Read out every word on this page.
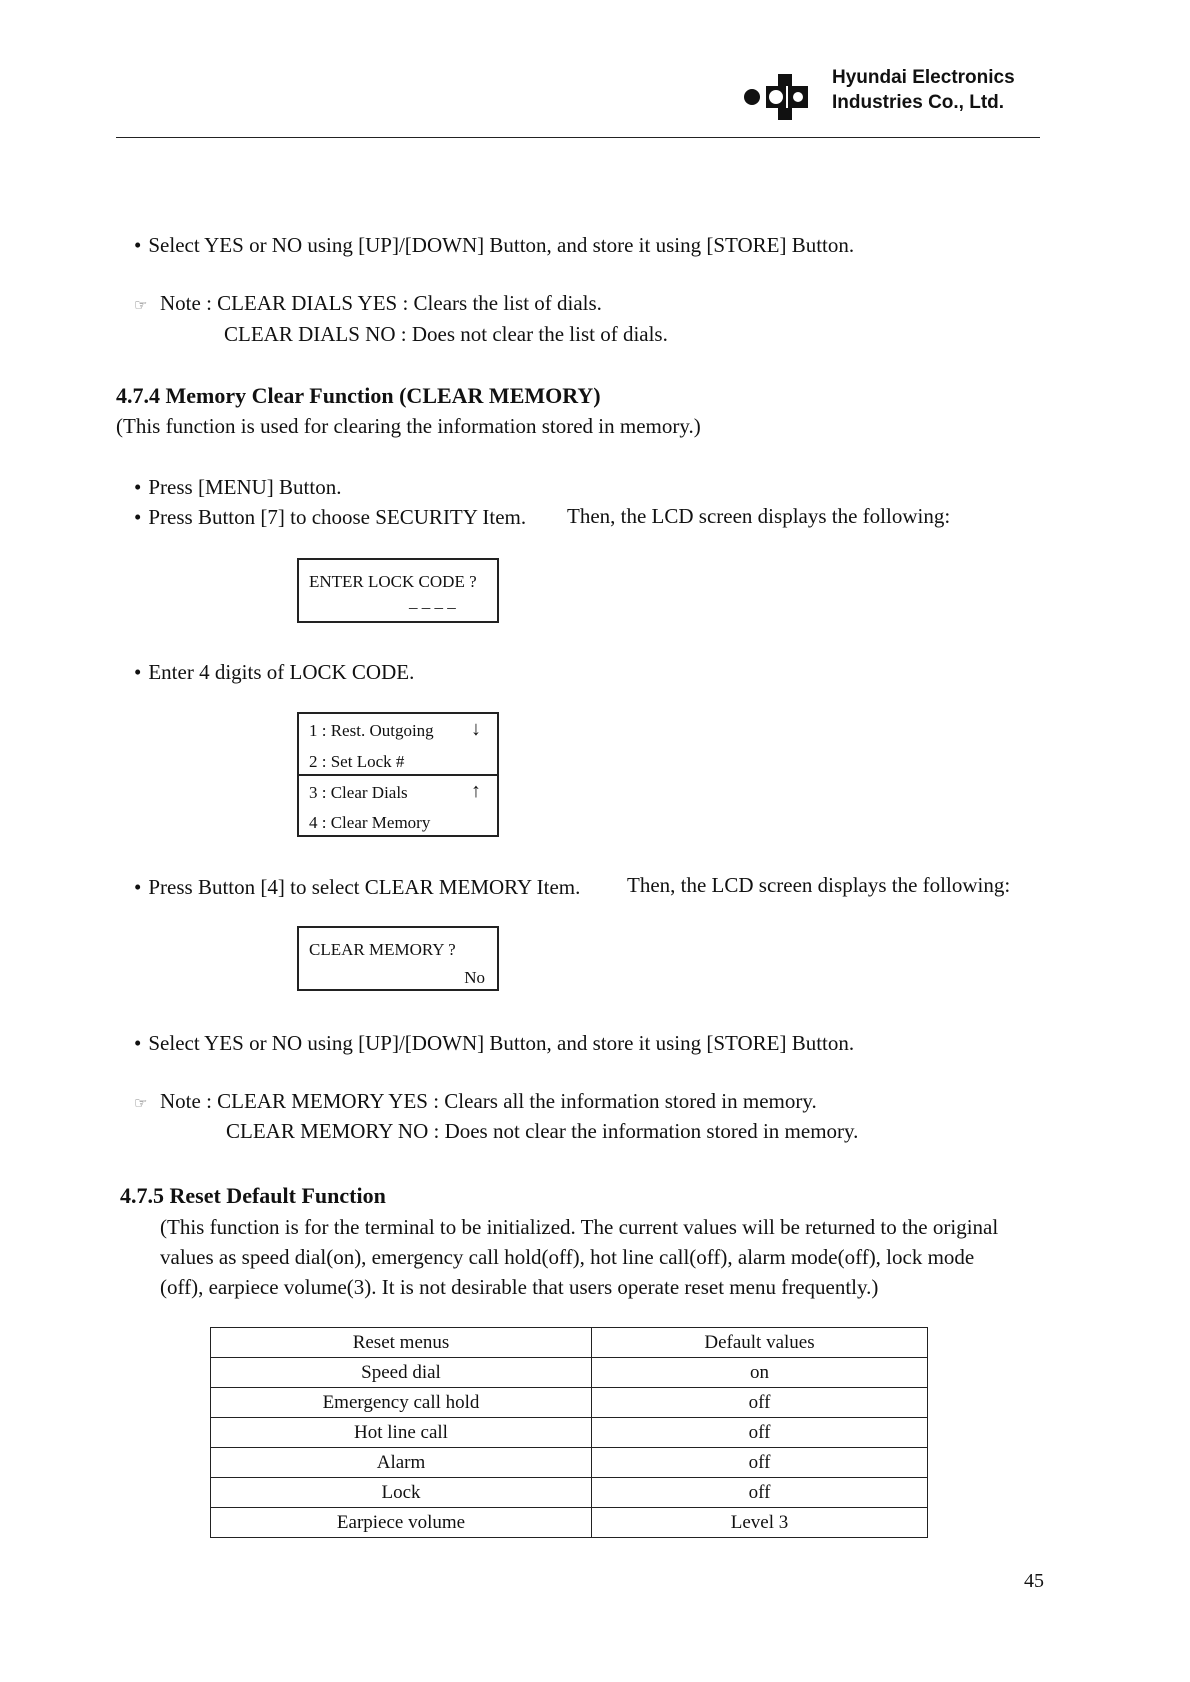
Hyundai Electronics
Industries Co., Ltd.
• Select YES or NO using [UP]/[DOWN] Button, and store it using [STORE] Button.
☞ Note : CLEAR DIALS YES : Clears the list of dials.
CLEAR DIALS NO : Does not clear the list of dials.
4.7.4 Memory Clear Function (CLEAR MEMORY)
(This function is used for clearing the information stored in memory.)
• Press [MENU] Button.
• Press Button [7] to choose SECURITY Item. Then, the LCD screen displays the following:
ENTER LOCK CODE ?
_ _ _ _
• Enter 4 digits of LOCK CODE.
1 : Rest. Outgoing ↓
2 : Set Lock #
3 : Clear Dials	↑
4 : Clear Memory
• Press Button [4] to select CLEAR MEMORY Item. Then, the LCD screen displays the following:
CLEAR MEMORY ?
No
• Select YES or NO using [UP]/[DOWN] Button, and store it using [STORE] Button.
☞ Note : CLEAR MEMORY YES : Clears all the information stored in memory.
CLEAR MEMORY NO : Does not clear the information stored in memory.
4.7.5 Reset Default Function
(This function is for the terminal to be initialized. The current values will be returned to the original
values as speed dial(on), emergency call hold(off), hot line call(off), alarm mode(off), lock mode
(off), earpiece volume(3). It is not desirable that users operate reset menu frequently.)
Reset menus	Default values
Speed dial	on
Emergency call hold	off
Hot line call	off
Alarm	off
Lock	off
Earpiece volume	Level 3
45
